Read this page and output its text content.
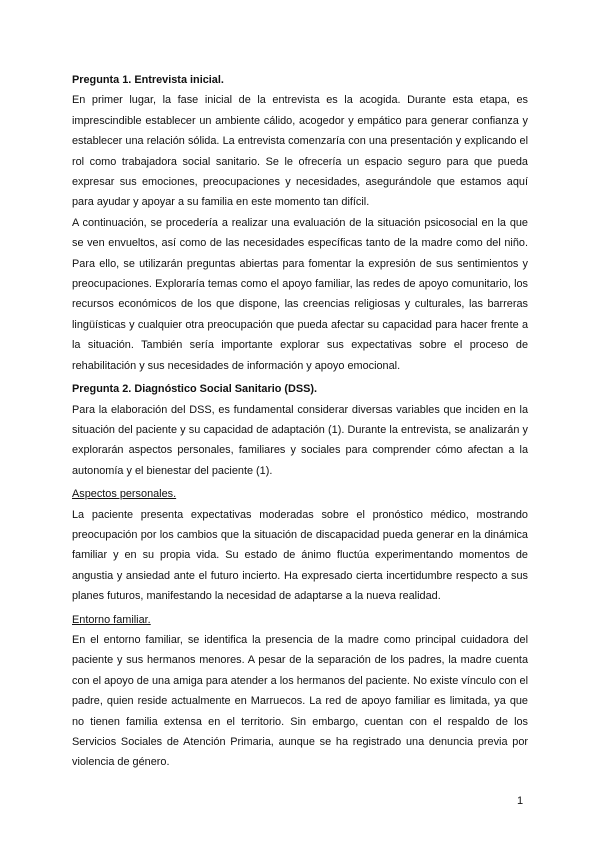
Pregunta 1. Entrevista inicial.

En primer lugar, la fase inicial de la entrevista es la acogida. Durante esta etapa, es imprescindible establecer un ambiente cálido, acogedor y empático para generar confianza y establecer una relación sólida. La entrevista comenzaría con una presentación y explicando el rol como trabajadora social sanitario. Se le ofrecería un espacio seguro para que pueda expresar sus emociones, preocupaciones y necesidades, asegurándole que estamos aquí para ayudar y apoyar a su familia en este momento tan difícil.

A continuación, se procedería a realizar una evaluación de la situación psicosocial en la que se ven envueltos, así como de las necesidades específicas tanto de la madre como del niño. Para ello, se utilizarán preguntas abiertas para fomentar la expresión de sus sentimientos y preocupaciones. Exploraría temas como el apoyo familiar, las redes de apoyo comunitario, los recursos económicos de los que dispone, las creencias religiosas y culturales, las barreras lingüísticas y cualquier otra preocupación que pueda afectar su capacidad para hacer frente a la situación. También sería importante explorar sus expectativas sobre el proceso de rehabilitación y sus necesidades de información y apoyo emocional.

Pregunta 2. Diagnóstico Social Sanitario (DSS).

Para la elaboración del DSS, es fundamental considerar diversas variables que inciden en la situación del paciente y su capacidad de adaptación (1). Durante la entrevista, se analizarán y explorarán aspectos personales, familiares y sociales para comprender cómo afectan a la autonomía y el bienestar del paciente (1).

Aspectos personales.

La paciente presenta expectativas moderadas sobre el pronóstico médico, mostrando preocupación por los cambios que la situación de discapacidad pueda generar en la dinámica familiar y en su propia vida. Su estado de ánimo fluctúa experimentando momentos de angustia y ansiedad ante el futuro incierto. Ha expresado cierta incertidumbre respecto a sus planes futuros, manifestando la necesidad de adaptarse a la nueva realidad.

Entorno familiar.

En el entorno familiar, se identifica la presencia de la madre como principal cuidadora del paciente y sus hermanos menores. A pesar de la separación de los padres, la madre cuenta con el apoyo de una amiga para atender a los hermanos del paciente. No existe vínculo con el padre, quien reside actualmente en Marruecos. La red de apoyo familiar es limitada, ya que no tienen familia extensa en el territorio. Sin embargo, cuentan con el respaldo de los Servicios Sociales de Atención Primaria, aunque se ha registrado una denuncia previa por violencia de género.

1
